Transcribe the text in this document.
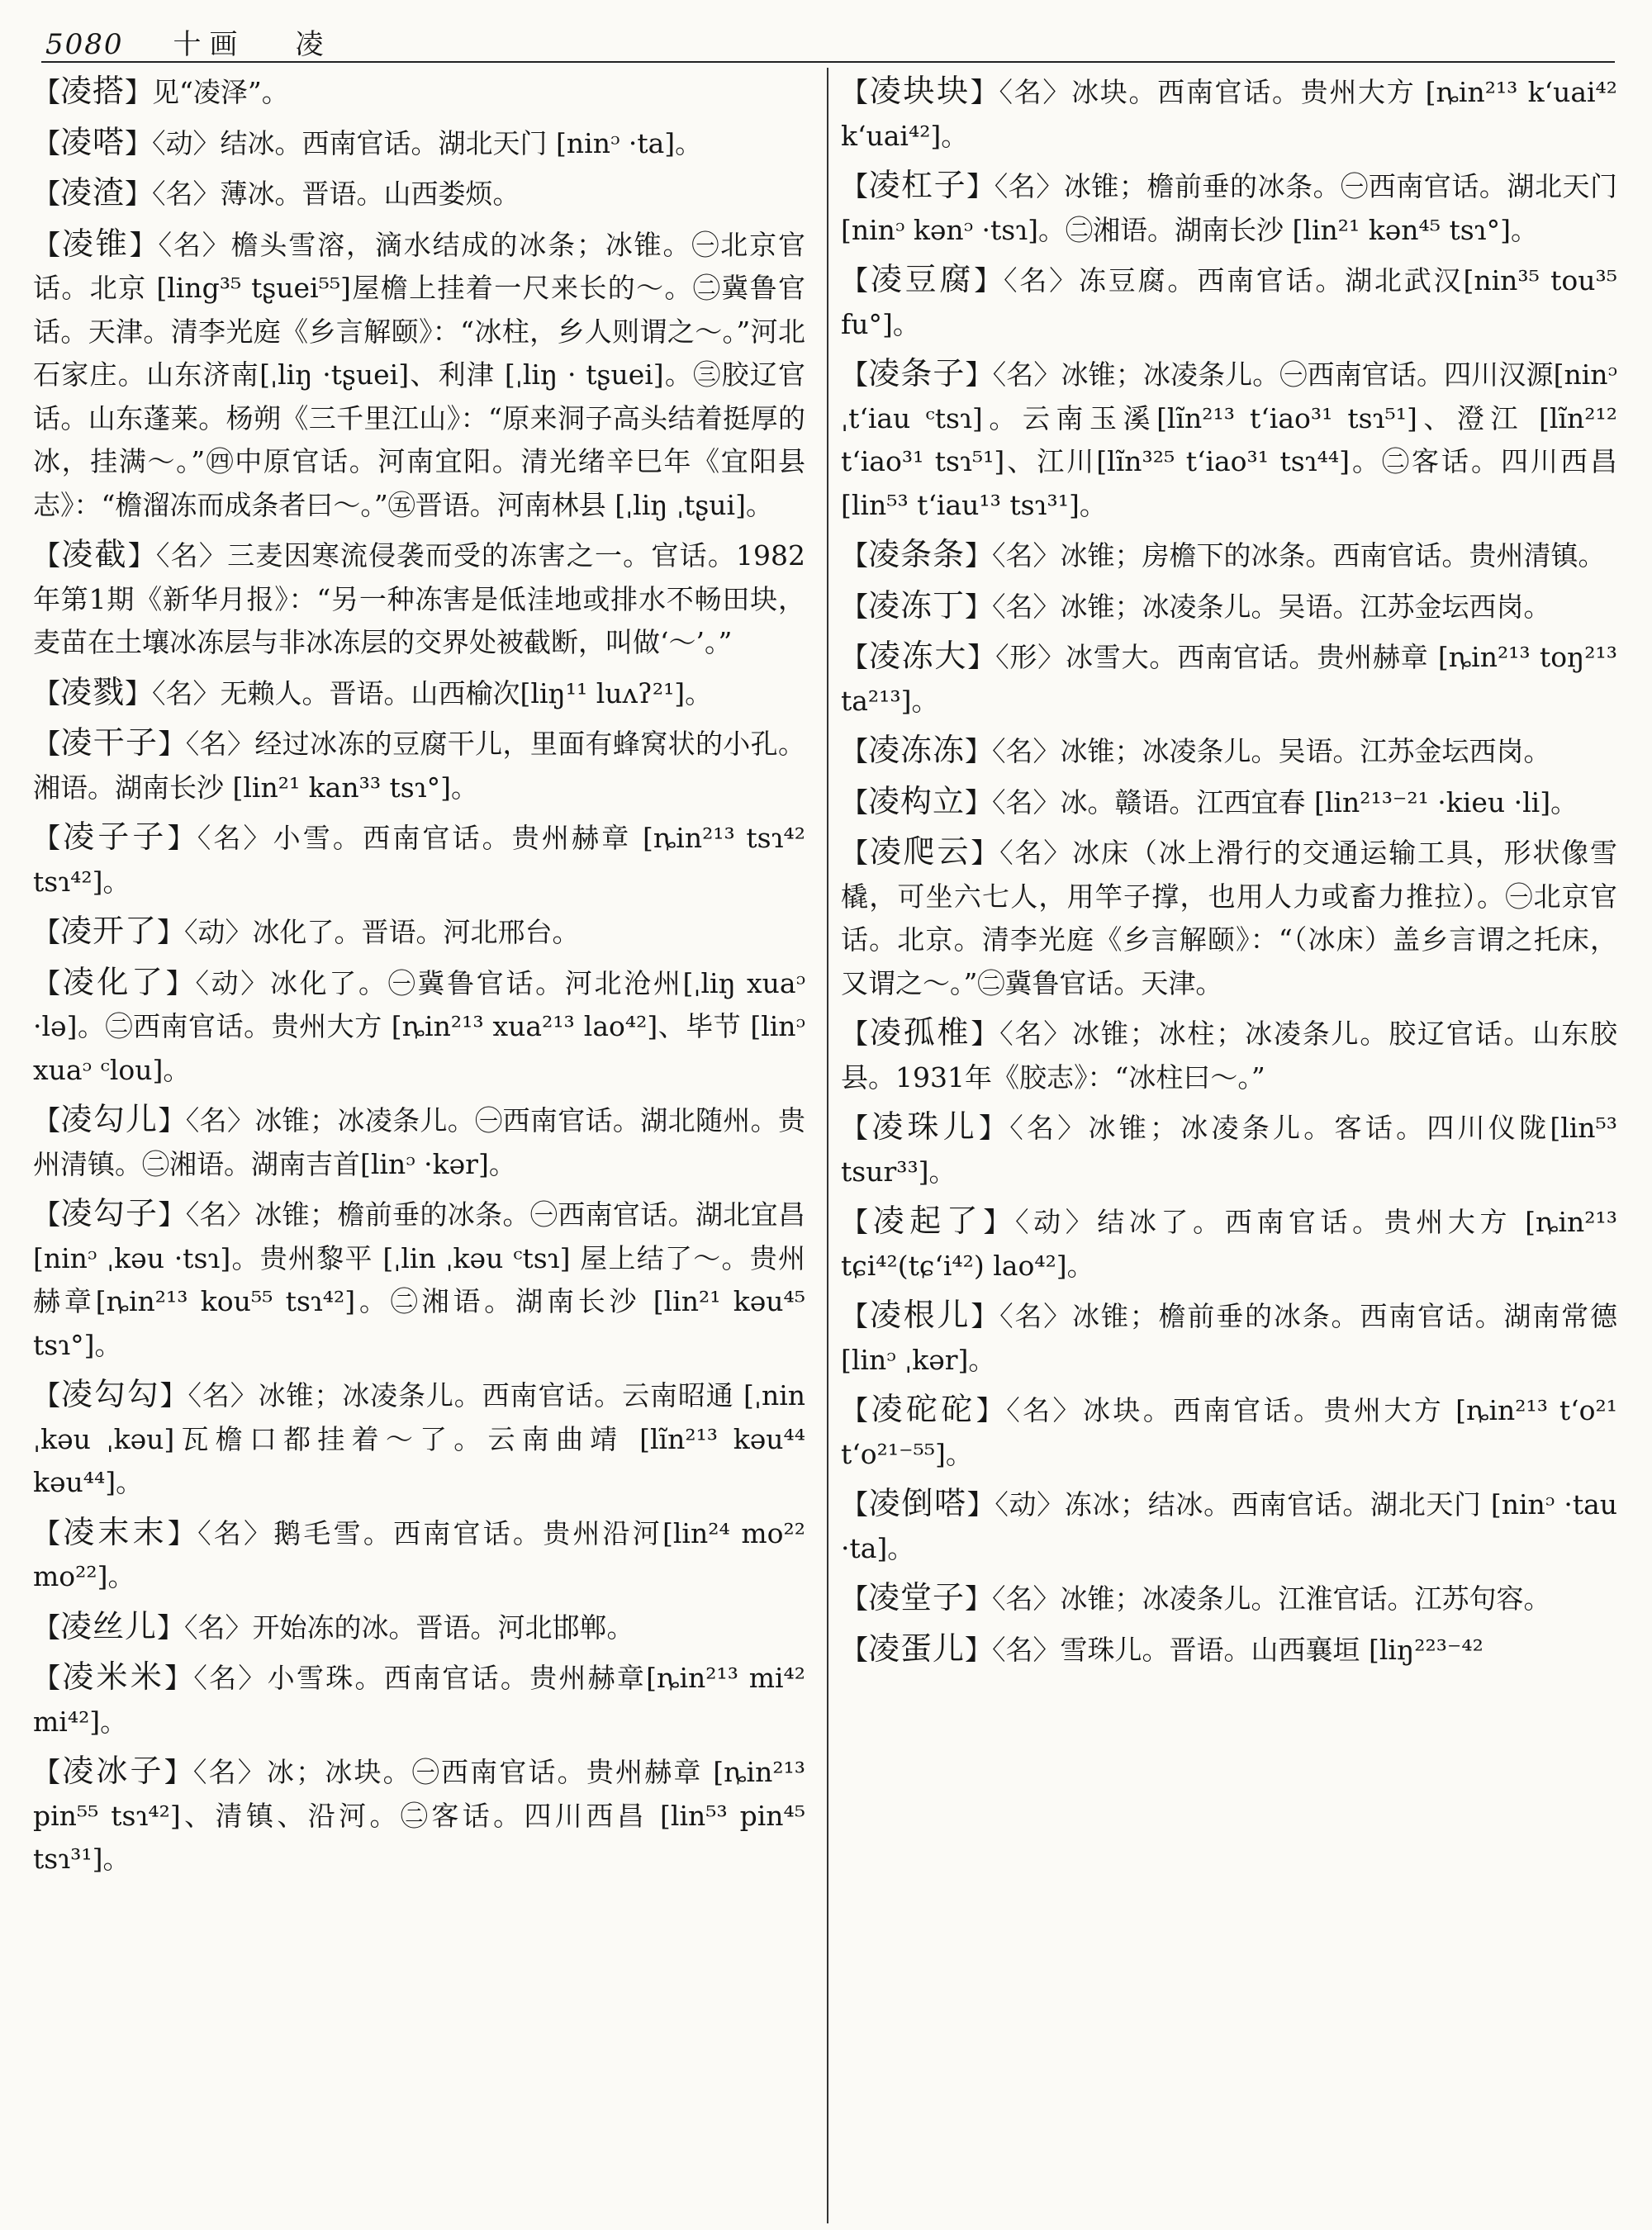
5080 十画 凌
【凌搭】见“凌泽”。
【凌嗒】〈动〉结冰。西南官话。湖北天门 [ninᵓ ·ta]。
【凌渣】〈名〉薄冰。晋语。山西娄烦。
【凌锥】〈名〉檐头雪溶，滴水结成的冰条；冰锥。㊀北京官话。北京 [ling³⁵ tʂuei⁵⁵]屋檐上挂着一尺来长的～。㊁冀鲁官话。天津。清李光庭《乡言解颐》：“冰柱，乡人则谓之～。”河北石家庄。山东济南[ˌliŋ ·tʂuei]、利津 [ˌliŋ · tʂuei]。㊂胶辽官话。山东蓬莱。杨朔《三千里江山》：“原来洞子高头结着挺厚的冰，挂满～。”㊃中原官话。河南宜阳。清光绪辛巳年《宜阳县志》：“檐溜冻而成条者曰～。”㊄晋语。河南林县 [ˌliŋ ˌtʂui]。
【凌截】〈名〉三麦因寒流侵袭而受的冻害之一。官话。1982年第1期《新华月报》：“另一种冻害是低洼地或排水不畅田块，麦苗在土壤冰冻层与非冰冻层的交界处被截断，叫做‘～’。”
【凌戮】〈名〉无赖人。晋语。山西榆次[liŋ¹¹ luʌʔ²¹]。
【凌干子】〈名〉经过冰冻的豆腐干儿，里面有蜂窝状的小孔。湘语。湖南长沙 [lin²¹ kan³³ tsɿ°]。
【凌子子】〈名〉小雪。西南官话。贵州赫章 [ȵin²¹³ tsɿ⁴² tsɿ⁴²]。
【凌开了】〈动〉冰化了。晋语。河北邢台。
【凌化了】〈动〉冰化了。㊀冀鲁官话。河北沧州[ˌliŋ xuaᵓ ·lə]。㊁西南官话。贵州大方 [ȵin²¹³ xua²¹³ lao⁴²]、毕节 [linᵓ xuaᵓ ᶜlou]。
【凌勾儿】〈名〉冰锥；冰凌条儿。㊀西南官话。湖北随州。贵州清镇。㊁湘语。湖南吉首[linᵓ ·kər]。
【凌勾子】〈名〉冰锥；檐前垂的冰条。㊀西南官话。湖北宜昌 [ninᵓ ˌkəu ·tsɿ]。贵州黎平 [ˌlin ˌkəu ᶜtsɿ] 屋上结了～。贵州赫章[ȵin²¹³ kou⁵⁵ tsɿ⁴²]。㊁湘语。湖南长沙 [lin²¹ kəu⁴⁵ tsɿ°]。
【凌勾勾】〈名〉冰锥；冰凌条儿。西南官话。云南昭通 [ˌnin ˌkəu ˌkəu]瓦檐口都挂着～了。云南曲靖 [lĩn²¹³ kəu⁴⁴ kəu⁴⁴]。
【凌末末】〈名〉鹅毛雪。西南官话。贵州沿河[lin²⁴ mo²² mo²²]。
【凌丝儿】〈名〉开始冻的冰。晋语。河北邯郸。
【凌米米】〈名〉小雪珠。西南官话。贵州赫章[ȵin²¹³ mi⁴² mi⁴²]。
【凌冰子】〈名〉冰；冰块。㊀西南官话。贵州赫章 [ȵin²¹³ pin⁵⁵ tsɿ⁴²]、清镇、沿河。㊁客话。四川西昌 [lin⁵³ pin⁴⁵ tsɿ³¹]。
【凌块块】〈名〉冰块。西南官话。贵州大方 [ȵin²¹³ k‘uai⁴² k‘uai⁴²]。
【凌杠子】〈名〉冰锥；檐前垂的冰条。㊀西南官话。湖北天门 [ninᵓ kənᵓ ·tsɿ]。㊁湘语。湖南长沙 [lin²¹ kən⁴⁵ tsɿ°]。
【凌豆腐】〈名〉冻豆腐。西南官话。湖北武汉[nin³⁵ tou³⁵ fu°]。
【凌条子】〈名〉冰锥；冰凌条儿。㊀西南官话。四川汉源[ninᵓ ˌt‘iau ᶜtsɿ]。云南玉溪[lĩn²¹³ t‘iao³¹ tsɿ⁵¹]、澄江 [lĩn²¹² t‘iao³¹ tsɿ⁵¹]、江川[lĩn³²⁵ t‘iao³¹ tsɿ⁴⁴]。㊁客话。四川西昌 [lin⁵³ t‘iau¹³ tsɿ³¹]。
【凌条条】〈名〉冰锥；房檐下的冰条。西南官话。贵州清镇。
【凌冻丁】〈名〉冰锥；冰凌条儿。吴语。江苏金坛西岗。
【凌冻大】〈形〉冰雪大。西南官话。贵州赫章 [ȵin²¹³ toŋ²¹³ ta²¹³]。
【凌冻冻】〈名〉冰锥；冰凌条儿。吴语。江苏金坛西岗。
【凌构立】〈名〉冰。赣语。江西宜春 [lin²¹³⁻²¹ ·kieu ·li]。
【凌爬云】〈名〉冰床（冰上滑行的交通运输工具，形状像雪橇，可坐六七人，用竿子撑，也用人力或畜力推拉）。㊀北京官话。北京。清李光庭《乡言解颐》：“（冰床）盖乡言谓之托床，又谓之～。”㊁冀鲁官话。天津。
【凌孤椎】〈名〉冰锥；冰柱；冰凌条儿。胶辽官话。山东胶县。1931年《胶志》：“冰柱曰～。”
【凌珠儿】〈名〉冰锥；冰凌条儿。客话。四川仪陇[lin⁵³ tsur³³]。
【凌起了】〈动〉结冰了。西南官话。贵州大方 [ȵin²¹³ tɕi⁴²(tɕ‘i⁴²) lao⁴²]。
【凌根儿】〈名〉冰锥；檐前垂的冰条。西南官话。湖南常德 [linᵓ ˌkər]。
【凌砣砣】〈名〉冰块。西南官话。贵州大方 [ȵin²¹³ t‘o²¹ t‘o²¹⁻⁵⁵]。
【凌倒嗒】〈动〉冻冰；结冰。西南官话。湖北天门 [ninᵓ ·tau ·ta]。
【凌堂子】〈名〉冰锥；冰凌条儿。江淮官话。江苏句容。
【凌蛋儿】〈名〉雪珠儿。晋语。山西襄垣 [liŋ²²³⁻⁴²
